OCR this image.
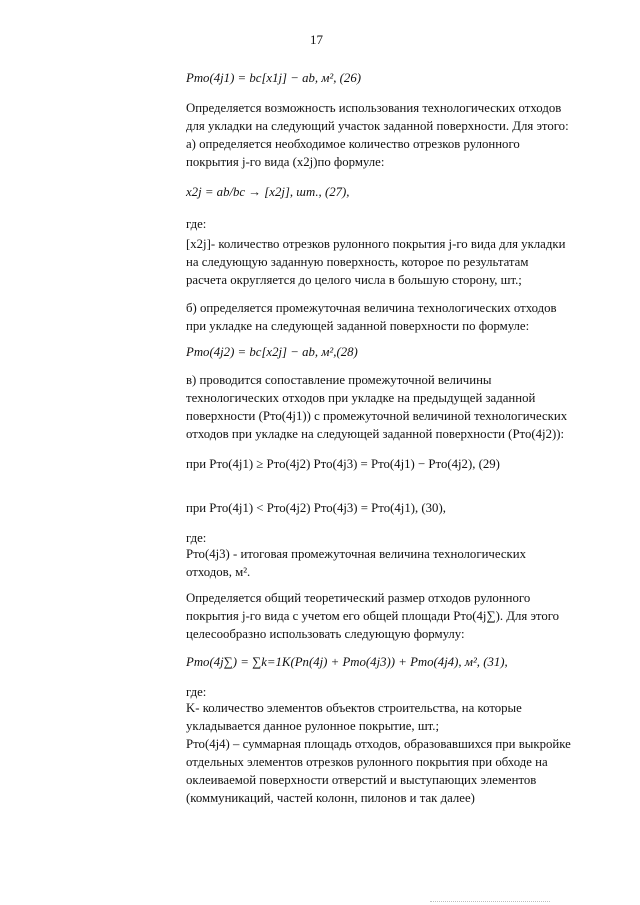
17
Pто(4j1) = bc[x1j] − ab, м², (26)
Определяется возможность использования технологических отходов
для укладки на следующий участок заданной поверхности. Для этого:
а) определяется необходимое количество отрезков рулонного
покрытия j-го вида (x2j)по формуле:
x2j = ab/bc → [x2j], шт., (27),
где:
[x2j]- количество отрезков рулонного покрытия j-го вида для укладки
на следующую заданную поверхность, которое по результатам
расчета округляется до целого числа в большую сторону, шт.;
б) определяется промежуточная величина технологических отходов
при укладке на следующей заданной поверхности по формуле:
Pто(4j2) = bc[x2j] − ab, м²,(28)
в) проводится сопоставление промежуточной величины
технологических отходов при укладке на предыдущей заданной
поверхности (Pто(4j1)) с промежуточной величиной технологических
отходов при укладке на следующей заданной поверхности (Pто(4j2)):
при Pто(4j1) ≥ Pто(4j2) Pто(4j3) = Pто(4j1) − Pто(4j2), (29)
при Pто(4j1) < Pто(4j2) Pто(4j3) = Pто(4j1), (30),
где:
Pто(4j3) - итоговая промежуточная величина технологических
отходов, м².
Определяется общий теоретический размер отходов рулонного
покрытия j-го вида с учетом его общей площади Pто(4j∑). Для этого
целесообразно использовать следующую формулу:
Pто(4j∑) = ∑k=1K(Pп(4j) + Pто(4j3)) + Pто(4j4), м², (31),
где:
K- количество элементов объектов строительства, на которые
укладывается данное рулонное покрытие, шт.;
Pто(4j4) – суммарная площадь отходов, образовавшихся при выкройке
отдельных элементов отрезков рулонного покрытия при обходе на
оклеиваемой поверхности отверстий и выступающих элементов
(коммуникаций, частей колонн, пилонов и так далее)
